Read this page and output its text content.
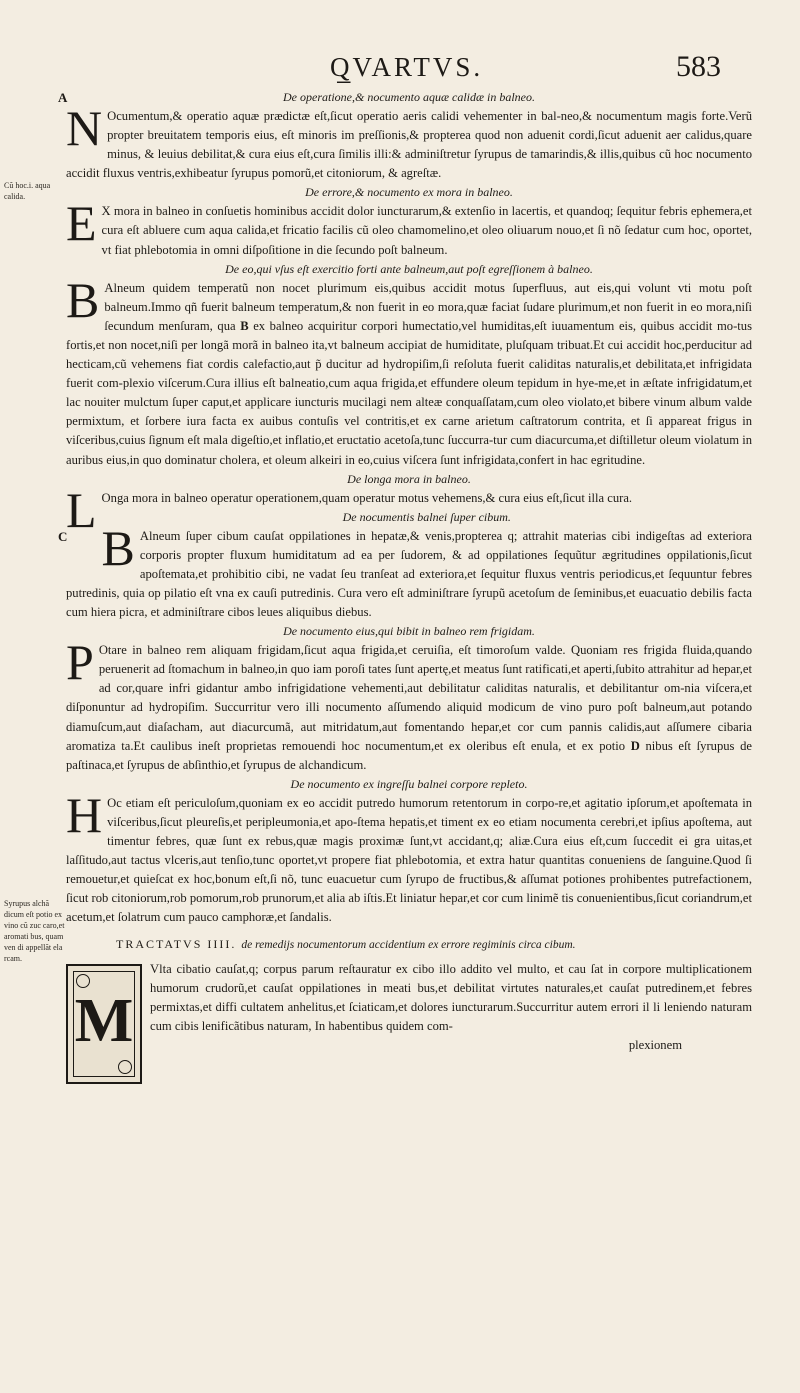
Q̲VARTVS.	583
Cũ hoc.i. aqua calida.
Syrupus alchã dicum eſt potio ex vino cũ zuc caro,et aromati bus, quam ven di appellãt ela rcam.
A	De operatione,& nocumento aquæ calidæ in balneo.

N Ocumentum,& operatio aquæ prædictæ eſt,ſicut operatio aeris calidi vehementer in bal-neo,& nocumentum magis forte.Verũ propter breuitatem temporis eius, eſt minoris im preſſionis,& propterea quod non aduenit cordi,ſicut aduenit aer calidus,quare minus, & leuius debilitat,& cura eius eſt,cura ſimilis illi:& adminiſtretur ſyrupus de tamarindis,& illis,quibus cũ hoc nocumento accidit fluxus ventris,exhibeatur ſyrupus pomorũ,et citoniorum, & agreſtæ.

De errore,& nocumento ex mora in balneo.

E X mora in balneo in conſuetis hominibus accidit dolor iuncturarum,& extenſio in lacertis, et quandoq; ſequitur febris ephemera,et cura eſt abluere cum aqua calida,et fricatio facilis cũ oleo chamomelino,et oleo oliuarum nouo,et ſi nõ ſedatur cum hoc, oportet, vt fiat phlebotomia in omni diſpoſitione in die ſecundo poſt balneum.

De eo,qui vſus eſt exercitio forti ante balneum,aut poſt egreſſionem à balneo.

B Alneum quidem temperatũ non nocet plurimum eis,quibus accidit motus ſuperfluus, aut eis,qui volunt vti motu poſt balneum.Immo qñ fuerit balneum temperatum,& non fuerit in eo mora,quæ faciat ſudare plurimum,et non fuerit in eo mora,niſi ſecundum menſuram, qua B ex balneo acquiritur corpori humectatio,vel humiditas,eſt iuuamentum eis, quibus accidit mo-tus fortis,et non nocet,niſi per longã morã in balneo ita,vt balneum accipiat de humiditate, pluſquam tribuat.Et cui accidit hoc,perducitur ad hecticam,cũ vehemens fiat cordis calefactio,aut p̃ ducitur ad hydropiſim,ſi reſoluta fuerit caliditas naturalis,et debilitata,et infrigidata fuerit com-plexio viſcerum.Cura illius eſt balneatio,cum aqua frigida,et effundere oleum tepidum in hye-me,et in æſtate infrigidatum,et lac nouiter mulctum ſuper caput,et applicare iuncturis mucilagi nem alteæ conquaſſatam,cum oleo violato,et bibere vinum album valde permixtum, et ſorbere iura facta ex auibus contuſis vel contritis,et ex carne arietum caſtratorum contrita, et ſi appareat frigus in viſceribus,cuius ſignum eſt mala digeſtio,et inflatio,et eructatio acetoſa,tunc ſuccurra-tur cum diacurcuma,et diſtilletur oleum violatum in auribus eius,in quo dominatur cholera, et oleum alkeiri in eo,cuius viſcera ſunt infrigidata,confert in hac egritudine.

De longa mora in balneo.

L Onga mora in balneo operatur operationem,quam operatur motus vehemens,& cura eius eſt,ſicut illa cura.

De nocumentis balnei ſuper cibum.
C B Alneum ſuper cibum cauſat oppilationes in hepatæ,& venis,propterea q; attrahit materias cibi indigeſtas ad exteriora corporis propter fluxum humiditatum ad ea per ſudorem, & ad oppilationes ſequũtur ægritudines oppilationis,ſicut apoſtemata,et prohibitio cibi, ne vadat ſeu tranſeat ad exteriora,et ſequitur fluxus ventris periodicus,et ſequuntur febres putredinis, quia op pilatio eſt vna ex cauſi putredinis. Cura vero eſt adminiſtrare ſyrupũ acetoſum de ſeminibus,et euacuatio debilis facta cum hiera picra, et adminiſtrare cibos leues aliquibus diebus.

De nocumento eius,qui bibit in balneo rem frigidam.

P Otare in balneo rem aliquam frigidam,ſicut aqua frigida,et ceruiſia, eſt timoroſum valde. Quoniam res frigida fluida,quando peruenerit ad ſtomachum in balneo,in quo iam poroſi tates ſunt apertę,et meatus ſunt ratificati,et aperti,ſubito attrahitur ad hepar,et ad cor,quare infri gidantur ambo infrigidatione vehementi,aut debilitatur caliditas naturalis, et debilitantur om-nia viſcera,et diſponuntur ad hydropiſim. Succurritur vero illi nocumento aſſumendo aliquid modicum de vino puro poſt balneum,aut potando diamuſcum,aut diaſacham, aut diacurcumã, aut mitridatum,aut fomentando hepar,et cor cum pannis calidis,aut aſſumere cibaria aromatiza ta.Et caulibus ineſt proprietas remouendi hoc nocumentum,et ex oleribus eſt enula, et ex potio D nibus eſt ſyrupus de paſtinaca,et ſyrupus de abſinthio,et ſyrupus de alchandicum.

De nocumento ex ingreſſu balnei corpore repleto.

H Oc etiam eſt periculoſum,quoniam ex eo accidit putredo humorum retentorum in corpo-re,et agitatio ipſorum,et apoſtemata in viſceribus,ſicut pleureſis,et peripleumonia,et apo-ſtema hepatis,et timent ex eo etiam nocumenta cerebri,et ipſius apoſtema, aut timentur febres, quæ ſunt ex rebus,quæ magis proximæ ſunt,vt accidant,q; aliæ.Cura eius eſt,cum ſuccedit ei gra uitas,et laſſitudo,aut tactus vlceris,aut tenſio,tunc oportet,vt propere fiat phlebotomia, et extra hatur quantitas conueniens de ſanguine.Quod ſi remouetur,et quieſcat ex hoc,bonum eſt,ſi nõ, tunc euacuetur cum ſyrupo de fructibus,& aſſumat potiones prohibentes putrefactionem, ſicut rob citoniorum,rob pomorum,rob prunorum,et alia ab iſtis.Et liniatur hepar,et cor cum linimẽ tis conuenientibus,ſicut coriandrum,et acetum,et ſolatrum cum pauco camphoræ,et ſandalis.

TRACTATVS IIII. de remedijs nocumentorum accidentium ex errore regiminis circa cibum.
M

Vlta cibatio cauſat,q; corpus parum reſtauratur ex cibo illo addito vel multo, et cau ſat in corpore multiplicationem humorum crudorũ,et cauſat oppilationes in meati bus,et debilitat virtutes naturales,et cauſat putredinem,et febres permixtas,et diffi cultatem anhelitus,et ſciaticam,et dolores iuncturarum.Succurritur autem errori il li leniendo naturam cum cibis lenificãtibus naturam, In habentibus quidem com-

plexionem
